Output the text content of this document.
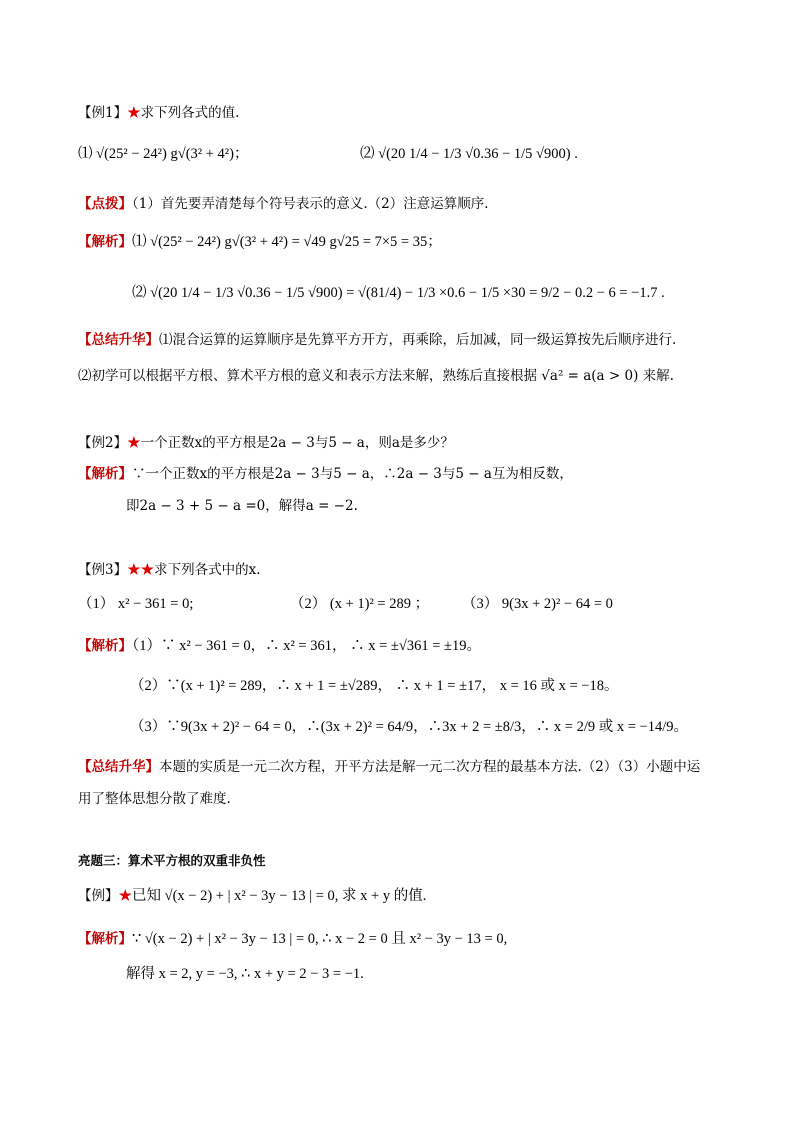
【例1】★求下列各式的值.
⑴ √(25² − 24²) g√(3² + 4²)；	⑵ √(20 1/4 − 1/3 √0.36 − 1/5 √900) .
【点拨】（1）首先要弄清楚每个符号表示的意义.（2）注意运算顺序.
【解析】⑴ √(25² − 24²) g√(3² + 4²) = √49 g√25 = 7×5 = 35；
⑵ √(20 1/4 − 1/3 √0.36 − 1/5 √900) = √(81/4) − 1/3 ×0.6 − 1/5 ×30 = 9/2 − 0.2 − 6 = −1.7 .
【总结升华】⑴混合运算的运算顺序是先算平方开方，再乘除，后加减，同一级运算按先后顺序进行.
⑵初学可以根据平方根、算术平方根的意义和表示方法来解，熟练后直接根据 √a² = a(a > 0) 来解.
【例2】★一个正数x的平方根是2a − 3与5 − a，则a是多少？
【解析】∵一个正数x的平方根是2a − 3与5 − a，∴2a − 3与5 − a互为相反数，
即2a − 3 + 5 − a =0，解得a = −2.
【例3】★★求下列各式中的x.
（1） x² − 361 = 0;	（2） (x + 1)² = 289 ； （3） 9(3x + 2)² − 64 = 0
【解析】（1）∵ x² − 361 = 0，∴ x² = 361， ∴ x = ±√361 = ±19。
（2）∵(x + 1)² = 289，∴ x + 1 = ±√289， ∴ x + 1 = ±17， x = 16 或 x = −18。
（3）∵9(3x + 2)² − 64 = 0，∴(3x + 2)² = 64/9，∴3x + 2 = ±8/3，∴ x = 2/9 或 x = −14/9。
【总结升华】本题的实质是一元二次方程，开平方法是解一元二次方程的最基本方法.（2）（3）小题中运
用了整体思想分散了难度.
亮题三：算术平方根的双重非负性
【例】★已知 √(x − 2) + | x² − 3y − 13 | = 0, 求 x + y 的值.
【解析】∵ √(x − 2) + | x² − 3y − 13 | = 0, ∴ x − 2 = 0 且 x² − 3y − 13 = 0,
解得 x = 2, y = −3, ∴ x + y = 2 − 3 = −1.
